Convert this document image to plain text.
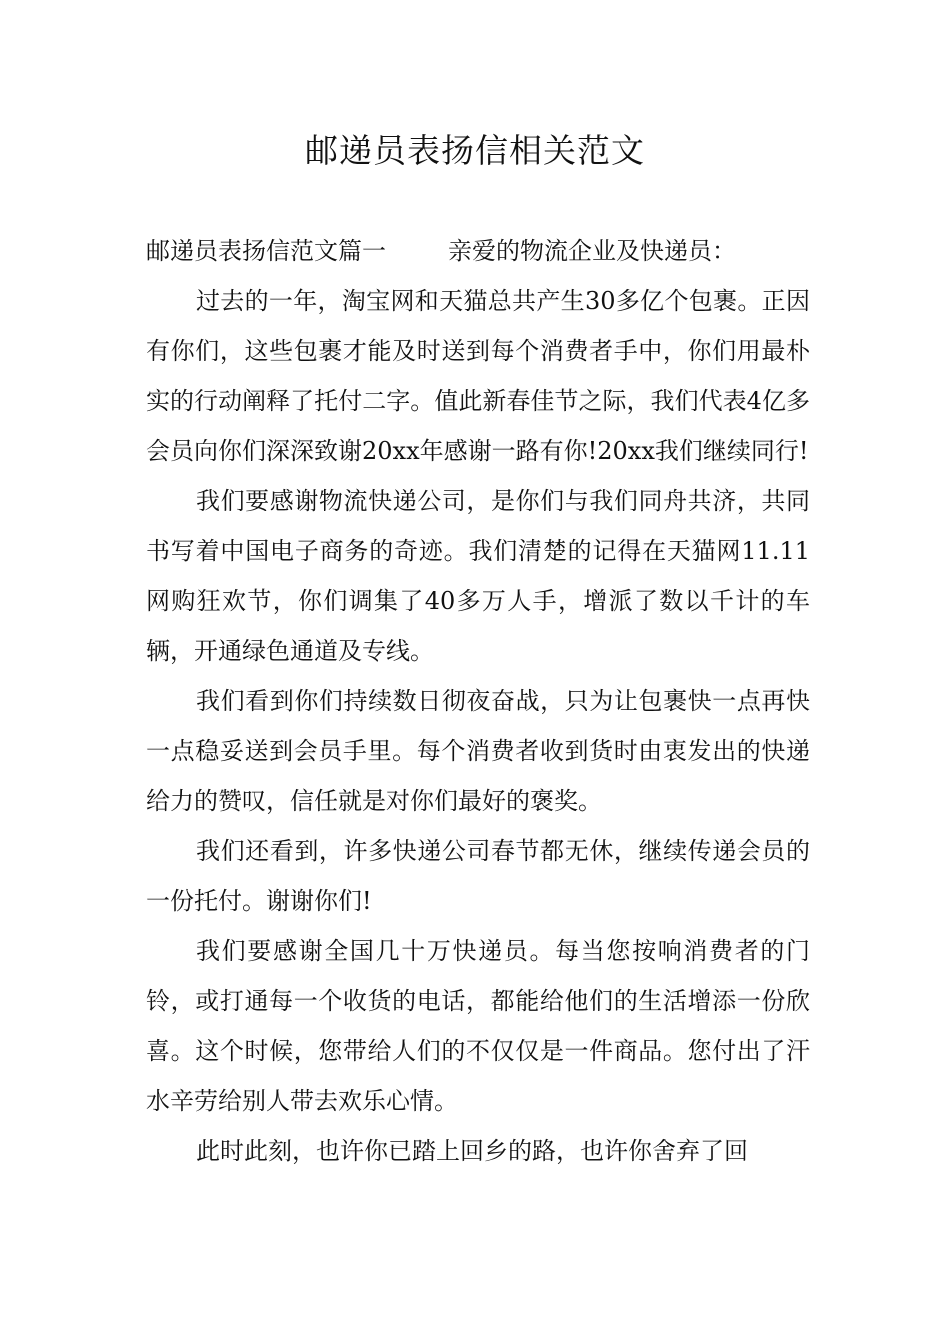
邮递员表扬信相关范文

邮递员表扬信范文篇一	亲爱的物流企业及快递员：

过去的一年，淘宝网和天猫总共产生30多亿个包裹。正因有你们，这些包裹才能及时送到每个消费者手中，你们用最朴实的行动阐释了托付二字。值此新春佳节之际，我们代表4亿多会员向你们深深致谢20xx年感谢一路有你!20xx我们继续同行!

我们要感谢物流快递公司，是你们与我们同舟共济，共同书写着中国电子商务的奇迹。我们清楚的记得在天猫网11.11网购狂欢节，你们调集了40多万人手，增派了数以千计的车辆，开通绿色通道及专线。

我们看到你们持续数日彻夜奋战，只为让包裹快一点再快一点稳妥送到会员手里。每个消费者收到货时由衷发出的快递给力的赞叹，信任就是对你们最好的褒奖。

我们还看到，许多快递公司春节都无休，继续传递会员的一份托付。谢谢你们!

我们要感谢全国几十万快递员。每当您按响消费者的门铃，或打通每一个收货的电话，都能给他们的生活增添一份欣喜。这个时候，您带给人们的不仅仅是一件商品。您付出了汗水辛劳给别人带去欢乐心情。

此时此刻，也许你已踏上回乡的路，也许你舍弃了回
